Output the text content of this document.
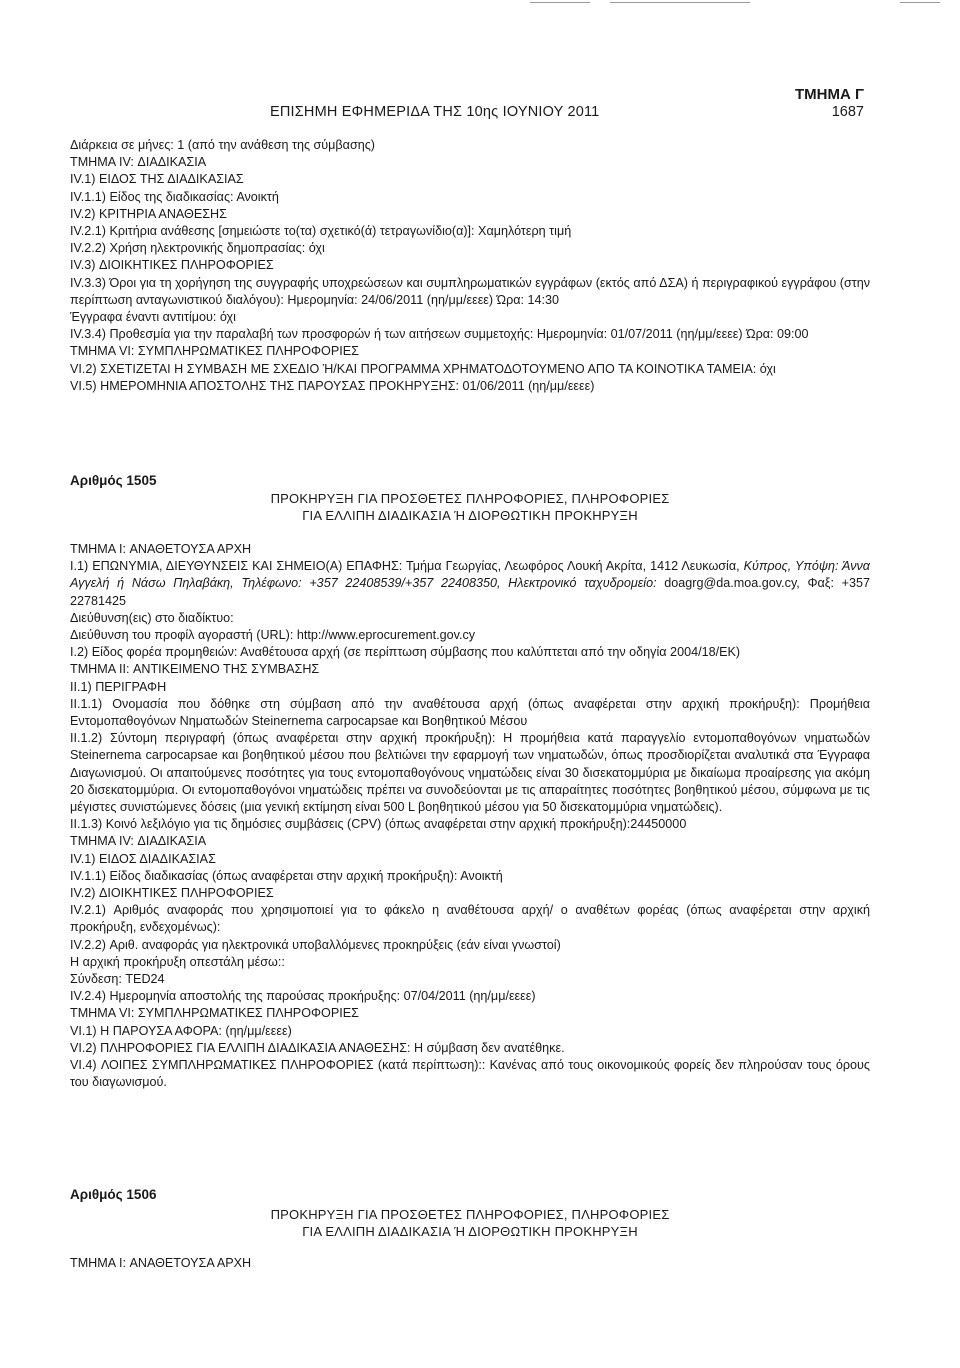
ΤΜΗΜΑ Γ
ΕΠΙΣΗΜΗ ΕΦΗΜΕΡΙΔΑ ΤΗΣ 10ης ΙΟΥΝΙΟΥ 2011	1687

Διάρκεια σε μήνες: 1 (από την ανάθεση της σύμβασης)

ΤΜΗΜΑ IV: ΔΙΑΔΙΚΑΣΙΑ

IV.1) ΕΙΔΟΣ ΤΗΣ ΔΙΑΔΙΚΑΣΙΑΣ

IV.1.1) Είδος της διαδικασίας: Ανοικτή

IV.2) ΚΡΙΤΗΡΙΑ ΑΝΑΘΕΣΗΣ

IV.2.1) Κριτήρια ανάθεσης [σημειώστε το(τα) σχετικό(ά) τετραγωνίδιο(α)]: Χαμηλότερη τιμή

IV.2.2) Χρήση ηλεκτρονικής δημοπρασίας: όχι

IV.3) ΔΙΟΙΚΗΤΙΚΕΣ ΠΛΗΡΟΦΟΡΙΕΣ

IV.3.3) Όροι για τη χορήγηση της συγγραφής υποχρεώσεων και συμπληρωματικών εγγράφων (εκτός από ΔΣΑ) ή περιγραφικού εγγράφου (στην περίπτωση ανταγωνιστικού διαλόγου): Ημερομηνία: 24/06/2011 (ηη/μμ/εεεε) Ώρα: 14:30

Έγγραφα έναντι αντιτίμου: όχι

IV.3.4) Προθεσμία για την παραλαβή των προσφορών ή των αιτήσεων συμμετοχής: Ημερομηνία: 01/07/2011 (ηη/μμ/εεεε) Ώρα: 09:00

ΤΜΗΜΑ VI: ΣΥΜΠΛΗΡΩΜΑΤΙΚΕΣ ΠΛΗΡΟΦΟΡΙΕΣ

VI.2) ΣΧΕΤΙΖΕΤΑΙ Η ΣΥΜΒΑΣΗ ΜΕ ΣΧΕΔΙΟ Ή/ΚΑΙ ΠΡΟΓΡΑΜΜΑ ΧΡΗΜΑΤΟΔΟΤΟΥΜΕΝΟ ΑΠΟ ΤΑ ΚΟΙΝΟΤΙΚΑ ΤΑΜΕΙΑ: όχι

VI.5) ΗΜΕΡΟΜΗΝΙΑ ΑΠΟΣΤΟΛΗΣ ΤΗΣ ΠΑΡΟΥΣΑΣ ΠΡΟΚΗΡΥΞΗΣ: 01/06/2011 (ηη/μμ/εεεε)

Αριθμός 1505

ΠΡΟΚΗΡΥΞΗ ΓΙΑ ΠΡΟΣΘΕΤΕΣ ΠΛΗΡΟΦΟΡΙΕΣ, ΠΛΗΡΟΦΟΡΙΕΣ

ΓΙΑ ΕΛΛΙΠΗ ΔΙΑΔΙΚΑΣΙΑ Ή ΔΙΟΡΘΩΤΙΚΗ ΠΡΟΚΗΡΥΞΗ

ΤΜΗΜΑ I: ΑΝΑΘΕΤΟΥΣΑ ΑΡΧΗ

I.1) ΕΠΩΝΥΜΙΑ, ΔΙΕΥΘΥΝΣΕΙΣ ΚΑΙ ΣΗΜΕΙΟ(Α) ΕΠΑΦΗΣ: Τμήμα Γεωργίας, Λεωφόρος Λουκή Ακρίτα, 1412 Λευκωσία, Κύπρος, Υπόψη: Άννα Αγγελή ή Νάσω Πηλαβάκη, Τηλέφωνο: +357 22408539/+357 22408350, Ηλεκτρονικό ταχυδρομείο: doagrg@da.moa.gov.cy, Φαξ: +357 22781425

Διεύθυνση(εις) στο διαδίκτυο:

Διεύθυνση του προφίλ αγοραστή (URL): http://www.eprocurement.gov.cy

I.2) Είδος φορέα προμηθειών: Αναθέτουσα αρχή (σε περίπτωση σύμβασης που καλύπτεται από την οδηγία 2004/18/ΕΚ)

ΤΜΗΜΑ II: ΑΝΤΙΚΕΙΜΕΝΟ ΤΗΣ ΣΥΜΒΑΣΗΣ

II.1) ΠΕΡΙΓΡΑΦΗ

II.1.1) Ονομασία που δόθηκε στη σύμβαση από την αναθέτουσα αρχή (όπως αναφέρεται στην αρχική προκήρυξη): Προμήθεια Εντομοπαθογόνων Νηματωδών Steinernema carpocapsae και Βοηθητικού Μέσου

II.1.2) Σύντομη περιγραφή (όπως αναφέρεται στην αρχική προκήρυξη): Η προμήθεια κατά παραγγελίο εντομοπαθογόνων νηματωδών Steinernema carpocapsae και βοηθητικού μέσου που βελτιώνει την εφαρμογή των νηματωδών, όπως προσδιορίζεται αναλυτικά στα Έγγραφα Διαγωνισμού. Οι απαιτούμενες ποσότητες για τους εντομοπαθογόνους νηματώδεις είναι 30 δισεκατομμύρια με δικαίωμα προαίρεσης για ακόμη 20 δισεκατομμύρια. Οι εντομοπαθογόνοι νηματώδεις πρέπει να συνοδεύονται με τις απαραίτητες ποσότητες βοηθητικού μέσου, σύμφωνα με τις μέγιστες συνιστώμενες δόσεις (μια γενική εκτίμηση είναι 500 L βοηθητικού μέσου για 50 δισεκατομμύρια νηματώδεις).

II.1.3) Κοινό λεξιλόγιο για τις δημόσιες συμβάσεις (CPV) (όπως αναφέρεται στην αρχική προκήρυξη):24450000

ΤΜΗΜΑ IV: ΔΙΑΔΙΚΑΣΙΑ

IV.1) ΕΙΔΟΣ ΔΙΑΔΙΚΑΣΙΑΣ

IV.1.1) Είδος διαδικασίας (όπως αναφέρεται στην αρχική προκήρυξη): Ανοικτή

IV.2) ΔΙΟΙΚΗΤΙΚΕΣ ΠΛΗΡΟΦΟΡΙΕΣ

IV.2.1) Αριθμός αναφοράς που χρησιμοποιεί για το φάκελο η αναθέτουσα αρχή/ ο αναθέτων φορέας (όπως αναφέρεται στην αρχική προκήρυξη, ενδεχομένως):

IV.2.2) Αριθ. αναφοράς για ηλεκτρονικά υποβαλλόμενες προκηρύξεις (εάν είναι γνωστοί)

Η αρχική προκήρυξη οπεστάλη μέσω::

Σύνδεση: TED24

IV.2.4) Ημερομηνία αποστολής της παρούσας προκήρυξης: 07/04/2011 (ηη/μμ/εεεε)

ΤΜΗΜΑ VI: ΣΥΜΠΛΗΡΩΜΑΤΙΚΕΣ ΠΛΗΡΟΦΟΡΙΕΣ

VI.1) Η ΠΑΡΟΥΣΑ ΑΦΟΡΑ: (ηη/μμ/εεεε)

VI.2) ΠΛΗΡΟΦΟΡΙΕΣ ΓΙΑ ΕΛΛΙΠΗ ΔΙΑΔΙΚΑΣΙΑ ΑΝΑΘΕΣΗΣ: Η σύμβαση δεν ανατέθηκε.

VI.4) ΛΟΙΠΕΣ ΣΥΜΠΛΗΡΩΜΑΤΙΚΕΣ ΠΛΗΡΟΦΟΡΙΕΣ (κατά περίπτωση):: Κανένας από τους οικονομικούς φορείς δεν πληρούσαν τους όρους του διαγωνισμού.

Αριθμός 1506

ΠΡΟΚΗΡΥΞΗ ΓΙΑ ΠΡΟΣΘΕΤΕΣ ΠΛΗΡΟΦΟΡΙΕΣ, ΠΛΗΡΟΦΟΡΙΕΣ

ΓΙΑ ΕΛΛΙΠΗ ΔΙΑΔΙΚΑΣΙΑ Ή ΔΙΟΡΘΩΤΙΚΗ ΠΡΟΚΗΡΥΞΗ

ΤΜΗΜΑ I: ΑΝΑΘΕΤΟΥΣΑ ΑΡΧΗ
